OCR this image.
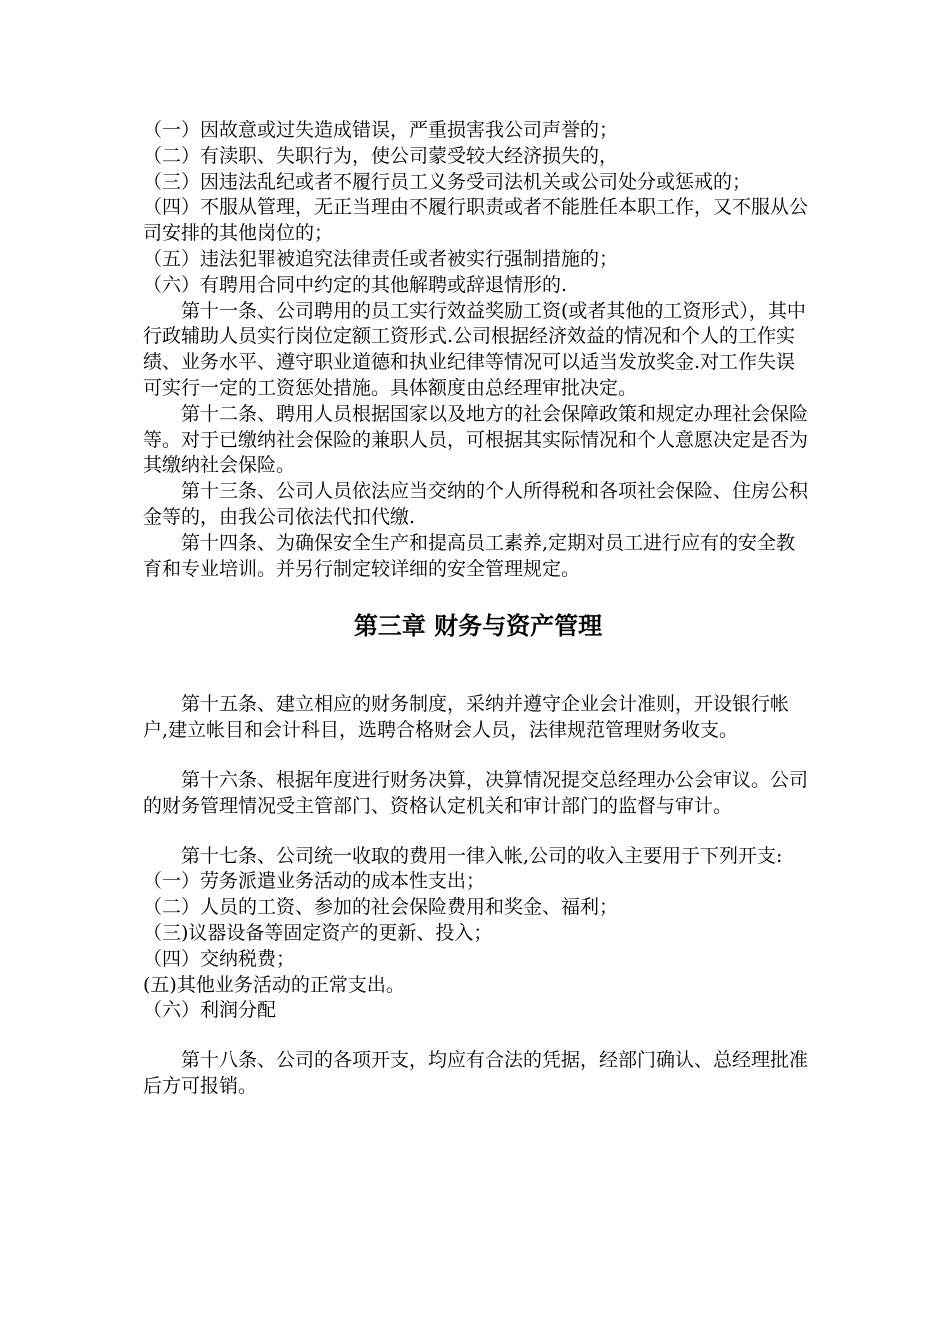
（一）因故意或过失造成错误，严重损害我公司声誉的；

（二）有渎职、失职行为，使公司蒙受较大经济损失的，

（三）因违法乱纪或者不履行员工义务受司法机关或公司处分或惩戒的；

（四）不服从管理，无正当理由不履行职责或者不能胜任本职工作，又不服从公司安排的其他岗位的；

（五）违法犯罪被追究法律责任或者被实行强制措施的；

（六）有聘用合同中约定的其他解聘或辞退情形的.

第十一条、公司聘用的员工实行效益奖励工资(或者其他的工资形式），其中行政辅助人员实行岗位定额工资形式.公司根据经济效益的情况和个人的工作实绩、业务水平、遵守职业道德和执业纪律等情况可以适当发放奖金.对工作失误可实行一定的工资惩处措施。具体额度由总经理审批决定。

第十二条、聘用人员根据国家以及地方的社会保障政策和规定办理社会保险等。对于已缴纳社会保险的兼职人员，可根据其实际情况和个人意愿决定是否为其缴纳社会保险。

第十三条、公司人员依法应当交纳的个人所得税和各项社会保险、住房公积金等的，由我公司依法代扣代缴.

第十四条、为确保安全生产和提高员工素养,定期对员工进行应有的安全教育和专业培训。并另行制定较详细的安全管理规定。

第三章 财务与资产管理

第十五条、建立相应的财务制度，采纳并遵守企业会计准则，开设银行帐户,建立帐目和会计科目，选聘合格财会人员，法律规范管理财务收支。

第十六条、根据年度进行财务决算，决算情况提交总经理办公会审议。公司的财务管理情况受主管部门、资格认定机关和审计部门的监督与审计。

第十七条、公司统一收取的费用一律入帐,公司的收入主要用于下列开支:

（一）劳务派遣业务活动的成本性支出；

（二）人员的工资、参加的社会保险费用和奖金、福利；

（三)议器设备等固定资产的更新、投入；

（四）交纳税费；

(五)其他业务活动的正常支出。

（六）利润分配

第十八条、公司的各项开支，均应有合法的凭据，经部门确认、总经理批准后方可报销。
